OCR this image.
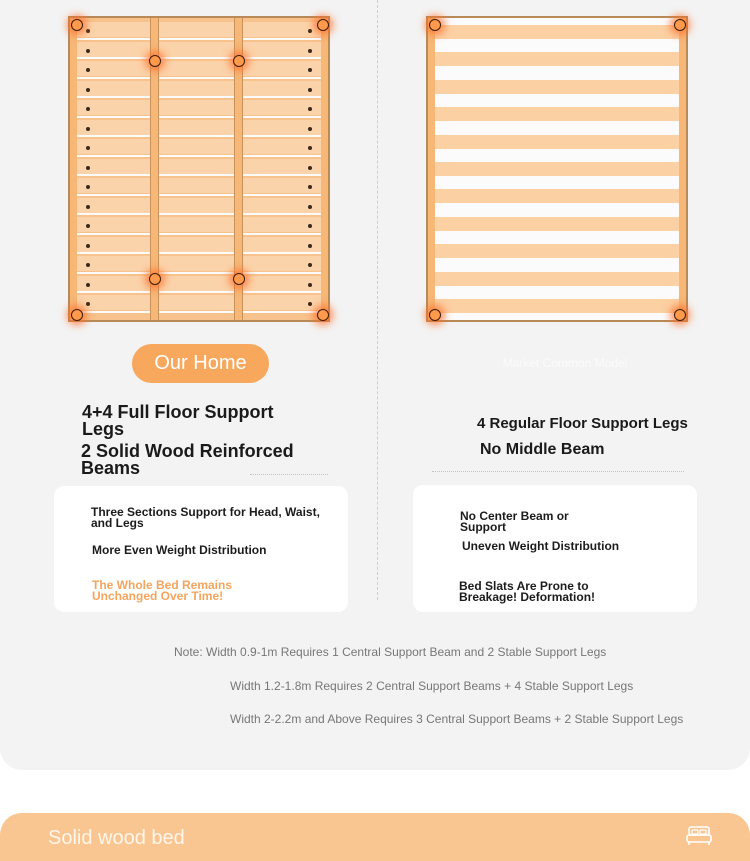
Our Home
4+4 Full Floor Support Legs
2 Solid Wood Reinforced Beams
Three Sections Support for Head, Waist, and Legs
More Even Weight Distribution
The Whole Bed Remains Unchanged Over Time!
Market Common Model
4 Regular Floor Support Legs
No Middle Beam
No Center Beam or Support
Uneven Weight Distribution
Bed Slats Are Prone to Breakage! Deformation!
Note: Width 0.9-1m Requires 1 Central Support Beam and 2 Stable Support Legs
Width 1.2-1.8m Requires 2 Central Support Beams + 4 Stable Support Legs
Width 2-2.2m and Above Requires 3 Central Support Beams + 2 Stable Support Legs
Solid wood bed
